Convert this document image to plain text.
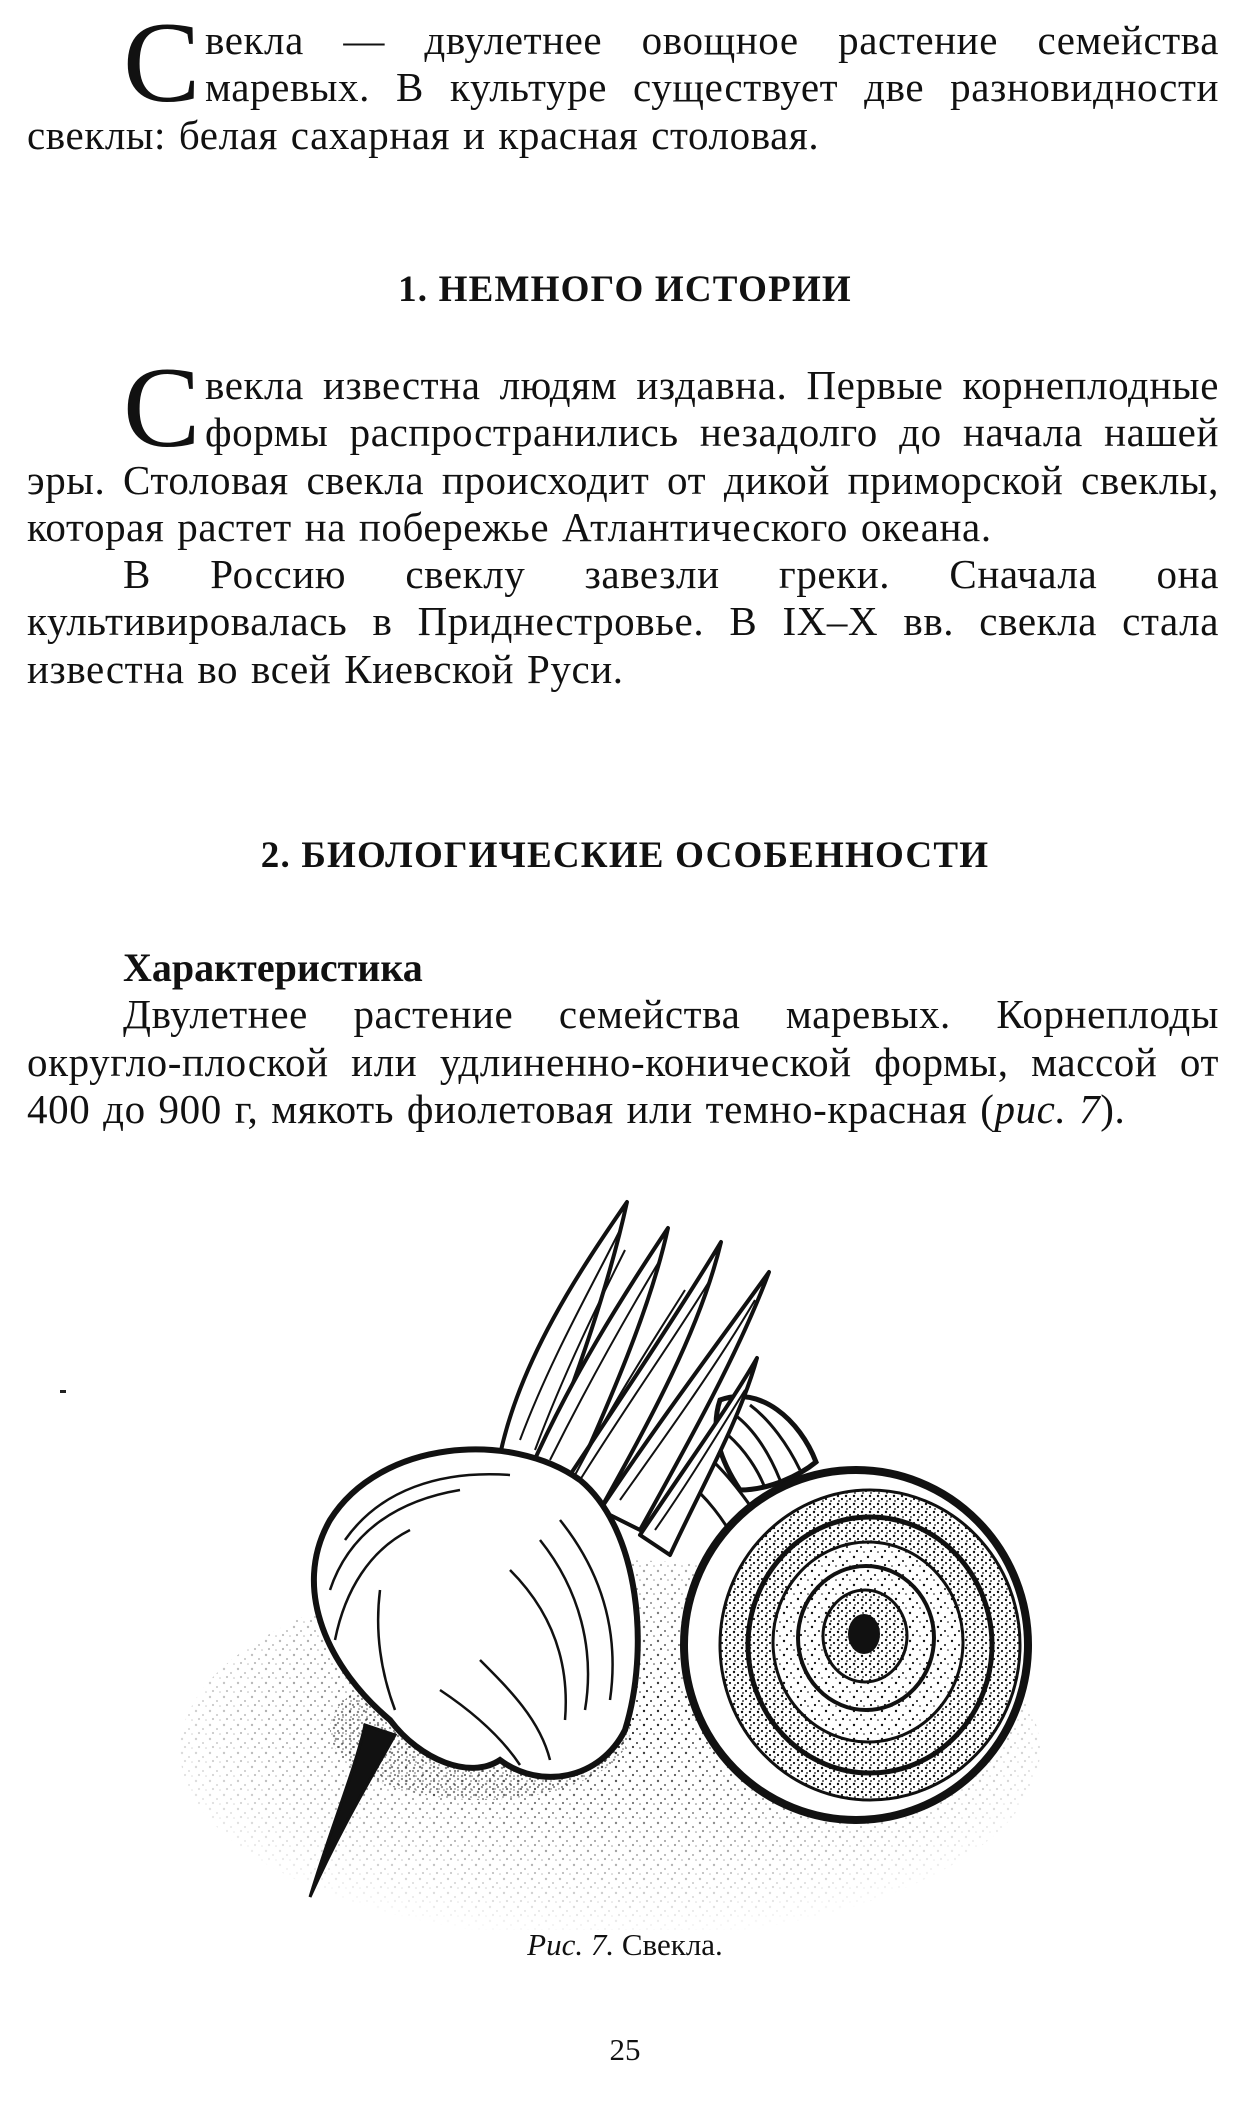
Свекла — двулетнее овощное растение семейства маревых. В культуре существует две разновидности свеклы: белая сахарная и красная столовая.

1. НЕМНОГО ИСТОРИИ

Свекла известна людям издавна. Первые корнеплодные формы распространились незадолго до начала нашей эры. Столовая свекла происходит от дикой приморской свеклы, которая растет на побережье Атлантического океана.

В Россию свеклу завезли греки. Сначала она культивировалась в Приднестровье. В IX–X вв. свекла стала известна во всей Киевской Руси.

2. БИОЛОГИЧЕСКИЕ ОСОБЕННОСТИ

Характеристика

Двулетнее растение семейства маревых. Корнеплоды округло-плоской или удлиненно-конической формы, массой от 400 до 900 г, мякоть фиолетовая или темно-красная (рис. 7).

Рис. 7. Свекла.
25
